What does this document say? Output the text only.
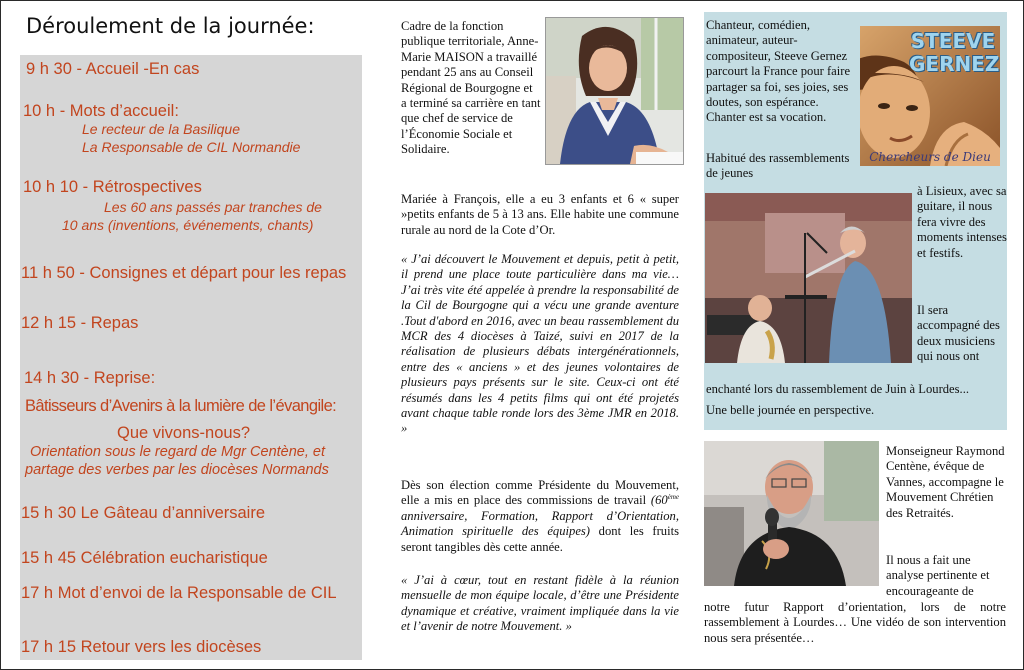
Déroulement de la journée:
9 h 30 - Accueil -En cas
10 h - Mots d’accueil:
Le recteur de la Basilique
La Responsable de CIL Normandie
10 h 10 - Rétrospectives
Les 60 ans passés par tranches de
10 ans (inventions, événements, chants)
11 h 50 - Consignes et départ pour les repas
12 h 15 - Repas
14 h 30 - Reprise:
Bâtisseurs d’Avenirs à la lumière de l’évangile:
Que vivons-nous?
Orientation sous le regard de Mgr Centène, et
partage des verbes par les diocèses Normands
15 h 30 Le Gâteau d’anniversaire
15 h 45 Célébration eucharistique
17 h Mot d’envoi de la Responsable de CIL
17 h 15 Retour vers les diocèses
Cadre de la fonction publique territoriale, Anne-Marie MAISON a travaillé pendant 25 ans au Conseil Régional de Bourgogne et a terminé sa carrière en tant que chef de service de l’Économie Sociale et Solidaire.
Mariée à François, elle a eu 3 enfants et 6 « super »petits enfants de 5 à 13 ans. Elle habite une commune rurale au nord de la Cote d’Or.
« J’ai découvert le Mouvement et depuis, petit à petit, il prend une place toute particulière dans ma vie… J’ai très vite été appelée à prendre la responsabilité de la Cil de Bourgogne qui a vécu une grande aventure .Tout d'abord en 2016, avec un beau rassemblement du MCR des 4 diocèses à Taizé, suivi en 2017 de la réalisation de plusieurs débats intergénérationnels, entre des « anciens » et des jeunes volontaires de plusieurs pays présents sur le site. Ceux-ci ont été résumés dans les 4 petits films qui ont été projetés avant chaque table ronde lors des 3ème JMR en 2018. »
Dès son élection comme Présidente du Mouvement, elle a mis en place des commissions de travail (60ème anniversaire, Formation, Rapport d’Orientation, Animation spirituelle des équipes) dont les fruits seront tangibles dès cette année.
« J’ai à cœur, tout en restant fidèle à la réunion mensuelle de mon équipe locale, d’être une Présidente dynamique et créative, vraiment impliquée dans la vie et l’avenir de notre Mouvement. »
STEEVE GERNEZ
Chercheurs de Dieu
Chanteur, comédien, animateur, auteur-compositeur, Steeve Gernez parcourt la France pour faire partager sa foi, ses joies, ses doutes, son espérance. Chanter est sa vocation.
Habitué des rassemblements de jeunes
à Lisieux, avec sa guitare, il nous fera vivre des moments intenses et festifs.
Il sera accompagné des deux musiciens qui nous ont
enchanté lors du rassemblement de Juin à Lourdes...
Une belle journée en perspective.
Monseigneur Raymond Centène, évêque de Vannes, accompagne le Mouvement Chrétien des Retraités.
Il nous a fait une analyse pertinente et encourageante de
notre futur Rapport d’orientation, lors de notre rassemblement à Lourdes… Une vidéo de son intervention nous sera présentée…
